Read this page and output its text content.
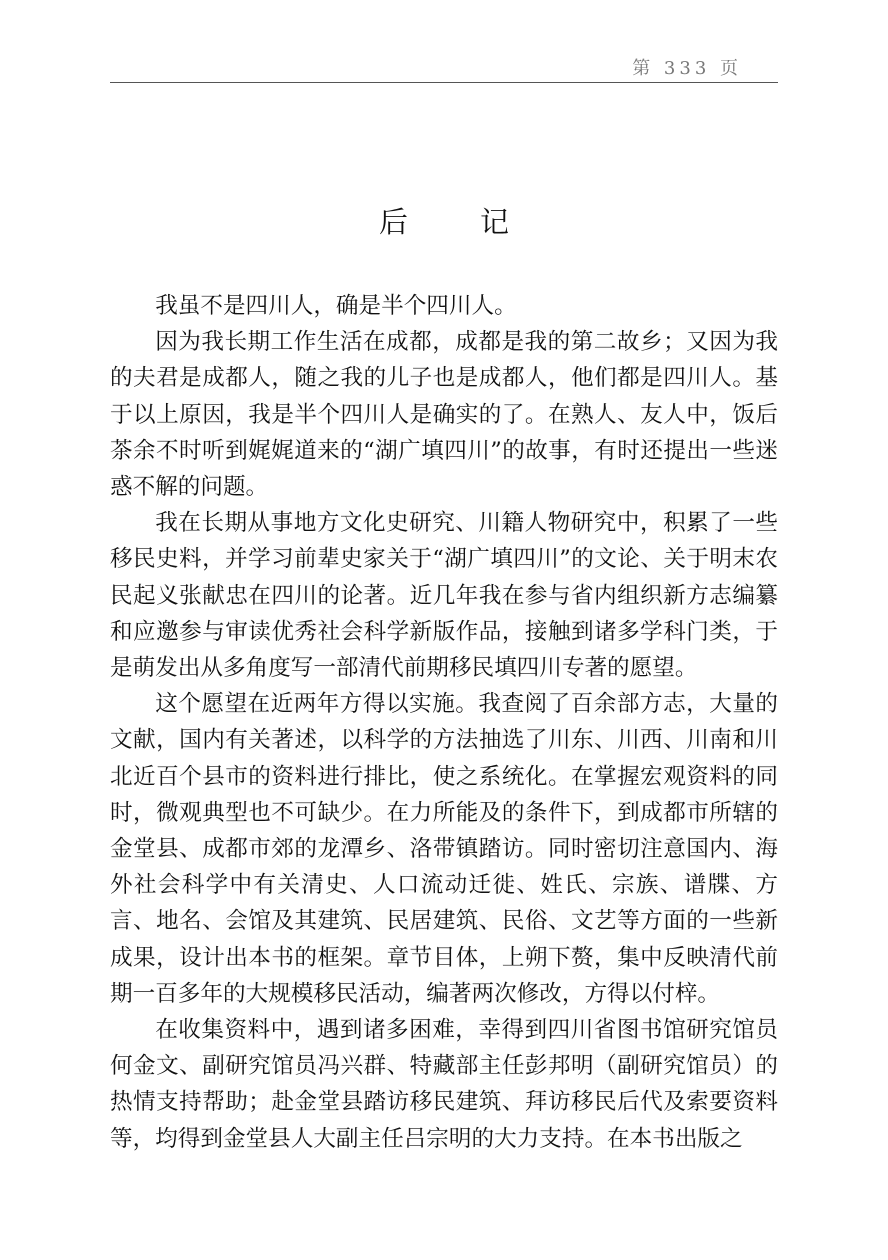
第 333 页
后记

我虽不是四川人，确是半个四川人。

因为我长期工作生活在成都，成都是我的第二故乡；又因为我的夫君是成都人，随之我的儿子也是成都人，他们都是四川人。基于以上原因，我是半个四川人是确实的了。在熟人、友人中，饭后茶余不时听到娓娓道来的“湖广填四川”的故事，有时还提出一些迷惑不解的问题。

我在长期从事地方文化史研究、川籍人物研究中，积累了一些移民史料，并学习前辈史家关于“湖广填四川”的文论、关于明末农民起义张献忠在四川的论著。近几年我在参与省内组织新方志编纂和应邀参与审读优秀社会科学新版作品，接触到诸多学科门类，于是萌发出从多角度写一部清代前期移民填四川专著的愿望。

这个愿望在近两年方得以实施。我查阅了百余部方志，大量的文献，国内有关著述，以科学的方法抽选了川东、川西、川南和川北近百个县市的资料进行排比，使之系统化。在掌握宏观资料的同时，微观典型也不可缺少。在力所能及的条件下，到成都市所辖的金堂县、成都市郊的龙潭乡、洛带镇踏访。同时密切注意国内、海外社会科学中有关清史、人口流动迁徙、姓氏、宗族、谱牒、方言、地名、会馆及其建筑、民居建筑、民俗、文艺等方面的一些新成果，设计出本书的框架。章节目体，上朔下赘，集中反映清代前期一百多年的大规模移民活动，编著两次修改，方得以付梓。

在收集资料中，遇到诸多困难，幸得到四川省图书馆研究馆员何金文、副研究馆员冯兴群、特藏部主任彭邦明（副研究馆员）的热情支持帮助；赴金堂县踏访移民建筑、拜访移民后代及索要资料等，均得到金堂县人大副主任吕宗明的大力支持。在本书出版之
